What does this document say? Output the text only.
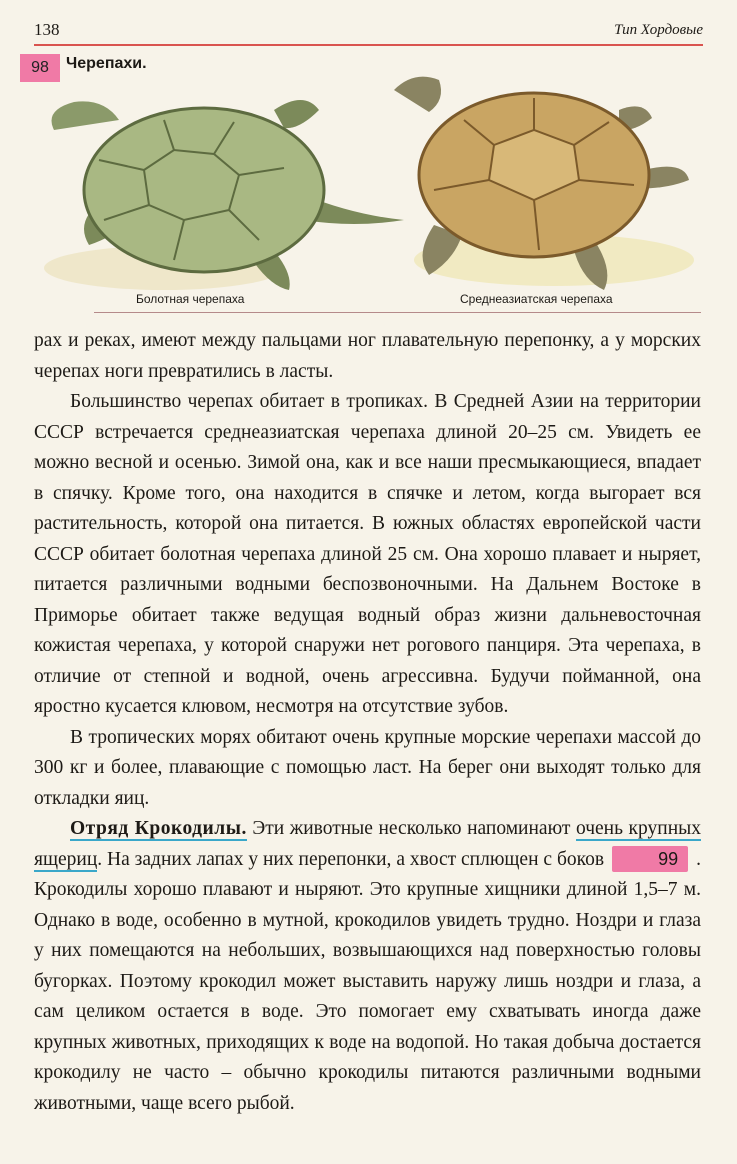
138	Тип Хордовые
98	Черепахи.
Болотная черепаха	Среднеазиатская черепаха

рах и реках, имеют между пальцами ног плавательную перепонку, а у морских черепах ноги превратились в ласты.

Большинство черепах обитает в тропиках. В Средней Азии на территории СССР встречается среднеазиатская черепаха длиной 20–25 см. Увидеть ее можно весной и осенью. Зимой она, как и все наши пресмыкающиеся, впадает в спячку. Кроме того, она находится в спячке и летом, когда выгорает вся растительность, которой она питается. В южных областях европейской части СССР обитает болотная черепаха длиной 25 см. Она хорошо плавает и ныряет, питается различными водными беспозвоночными. На Дальнем Востоке в Приморье обитает также ведущая водный образ жизни дальневосточная кожистая черепаха, у которой снаружи нет рогового панциря. Эта черепаха, в отличие от степной и водной, очень агрессивна. Будучи пойманной, она яростно кусается клювом, несмотря на отсутствие зубов.

В тропических морях обитают очень крупные морские черепахи массой до 300 кг и более, плавающие с помощью ласт. На берег они выходят только для откладки яиц.

Отряд Крокодилы. Эти животные несколько напоминают очень крупных ящериц. На задних лапах у них перепонки, а хвост сплющен с боков	99 . Крокодилы хорошо плавают и ныряют. Это крупные хищники длиной 1,5–7 м. Однако в воде, особенно в мутной, крокодилов увидеть трудно. Ноздри и глаза у них помещаются на небольших, возвышающихся над поверхностью головы бугорках. Поэтому крокодил может выставить наружу лишь ноздри и глаза, а сам целиком остается в воде. Это помогает ему схватывать иногда даже крупных животных, приходящих к воде на водопой. Но такая добыча достается крокодилу не часто – обычно крокодилы питаются различными водными животными, чаще всего рыбой.
